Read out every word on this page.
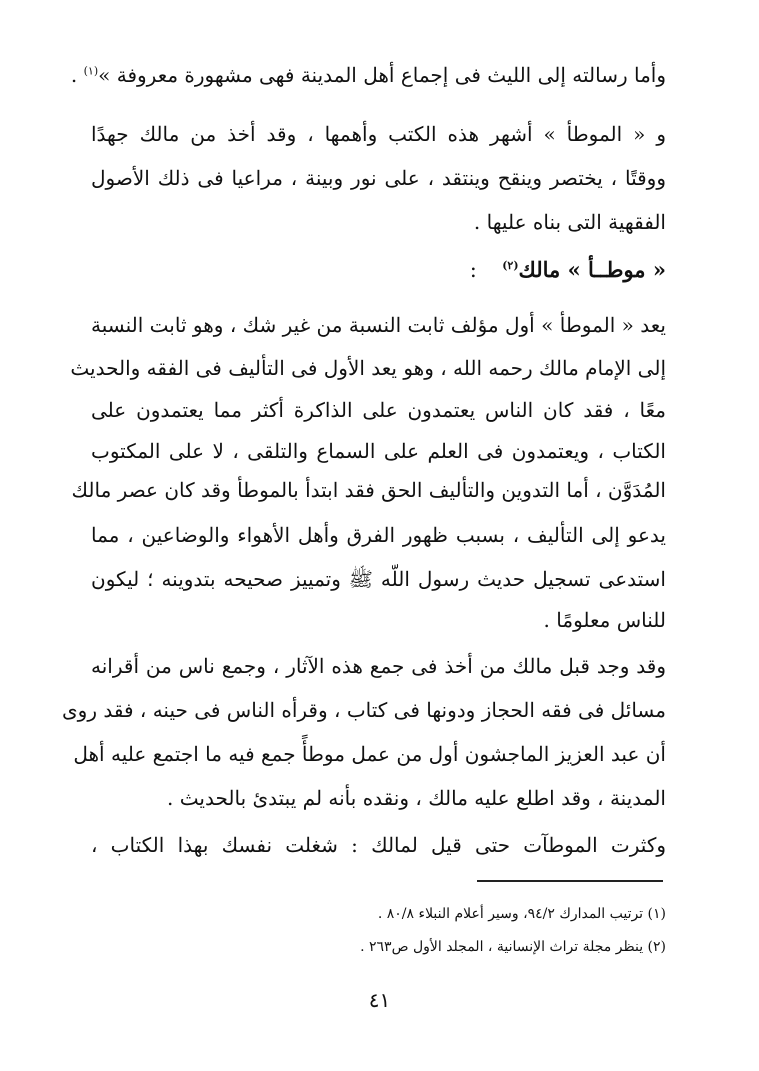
وأما رسالته إلى الليث فى إجماع أهل المدينة فهى مشهورة معروفة »$^{(١)}$ .
و « الموطأ » أشهر هذه الكتب وأهمها ، وقد أخذ من مالك جهدًا
ووقتًا ، يختصر وينقح وينتقد ، على نور وبينة ، مراعيا فى ذلك الأصول
الفقهية التى بناه عليها .
« موطــأ » مالك$^{(٢)}$ :
يعد « الموطأ » أول مؤلف ثابت النسبة من غير شك ، وهو ثابت النسبة
إلى الإمام مالك رحمه الله ، وهو يعد الأول فى التأليف فى الفقه والحديث
معًا ، فقد كان الناس يعتمدون على الذاكرة أكثر مما يعتمدون على
الكتاب ، ويعتمدون فى العلم على السماع والتلقى ، لا على المكتوب
المُدَوَّن ، أما التدوين والتأليف الحق فقد ابتدأ بالموطأ وقد كان عصر مالك
يدعو إلى التأليف ، بسبب ظهور الفرق وأهل الأهواء والوضاعين ، مما
استدعى تسجيل حديث رسول اللّه ﷺ وتمييز صحيحه بتدوينه ؛ ليكون
للناس معلومًا .
وقد وجد قبل مالك من أخذ فى جمع هذه الآثار ، وجمع ناس من أقرانه
مسائل فى فقه الحجاز ودونها فى كتاب ، وقرأه الناس فى حينه ، فقد روى
أن عبد العزيز الماجشون أول من عمل موطأً جمع فيه ما اجتمع عليه أهل
المدينة ، وقد اطلع عليه مالك ، ونقده بأنه لم يبتدئ بالحديث .
وكثرت الموطآت حتى قيل لمالك : شغلت نفسك بهذا الكتاب ،
(١) ترتيب المدارك ٩٤/٢، وسير أعلام النبلاء ٨٠/٨ .
(٢) ينظر مجلة تراث الإنسانية ، المجلد الأول ص٢٦٣ .
٤١
